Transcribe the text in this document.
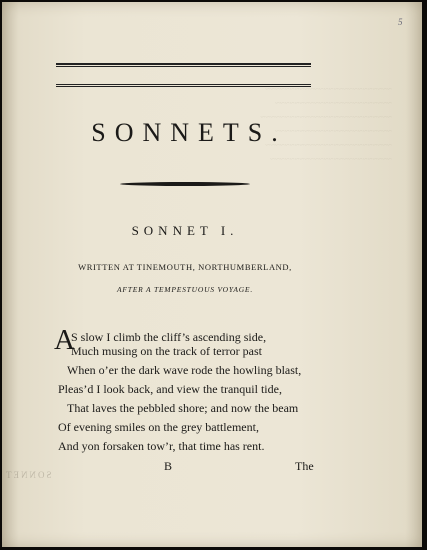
~~~~~~~~~~~~~~~~~~~~~~~~~~
~~~~~~~~~~~~~~~~~~~~~~~~
~~~~~~~~~~~~~~~~~~~~~~~~~~~
~~~~~~~~~~~~~~~~~~~~~~~~
~~~~~~~~~~~~~~~~~~~~~~~~~~
~~~~~~~~~~~~~~~~~~~~~~~~~
5
SONNETS.
SONNET I.
WRITTEN AT TINEMOUTH, NORTHUMBERLAND,
AFTER A TEMPESTUOUS VOYAGE.
A
S slow I climb the cliff’s ascending side,
Much musing on the track of terror past
When o’er the dark wave rode the howling blast,
Pleas’d I look back, and view the tranquil tide,
That laves the pebbled shore; and now the beam
Of evening smiles on the grey battlement,
And yon forsaken tow’r, that time has rent.
B	The
SONNET
